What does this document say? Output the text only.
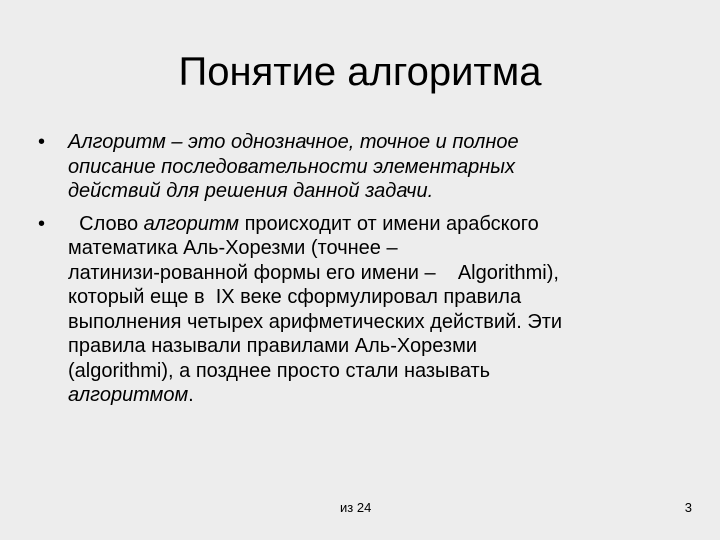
Понятие алгоритма
• Алгоритм – это однозначное, точное и полное
описание последовательности элементарных
действий для решения данной задачи.
•	Слово алгоритм происходит от имени арабского
математика Аль-Хорезми (точнее –
латинизи-рованной формы его имени –    Algorithmi),
который еще в  IX веке сформулировал правила
выполнения четырех арифметических действий. Эти
правила называли правилами Аль-Хорезми
(algorithmi), а позднее просто стали называть
алгоритмом.
из 24	3
